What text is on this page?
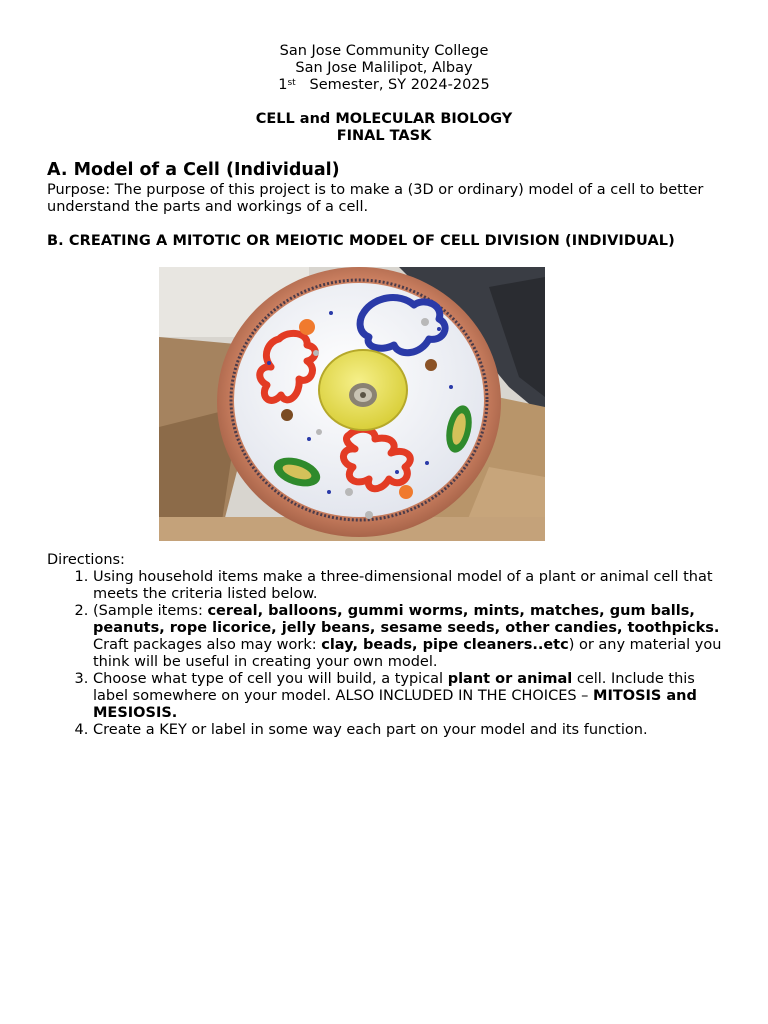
San Jose Community College
San Jose Malilipot, Albay
1st   Semester, SY 2024-2025
CELL and MOLECULAR BIOLOGY
FINAL TASK
A. Model of a Cell (Individual)
Purpose: The purpose of this project is to make a (3D or ordinary) model of a cell to better understand the parts and workings of a cell.
B. CREATING A MITOTIC OR MEIOTIC MODEL OF CELL DIVISION (INDIVIDUAL)
Directions:
1. Using household items make a three-dimensional model of a plant or animal cell that meets the criteria listed below.
2. (Sample items: cereal, balloons, gummi worms, mints, matches, gum balls, peanuts, rope licorice, jelly beans, sesame seeds, other candies, toothpicks. Craft packages also may work: clay, beads, pipe cleaners..etc) or any material you think will be useful in creating your own model.
3. Choose what type of cell you will build, a typical plant or animal cell. Include this label somewhere on your model. ALSO INCLUDED IN THE CHOICES – MITOSIS and MESIOSIS.
4. Create a KEY or label in some way each part on your model and its function.
